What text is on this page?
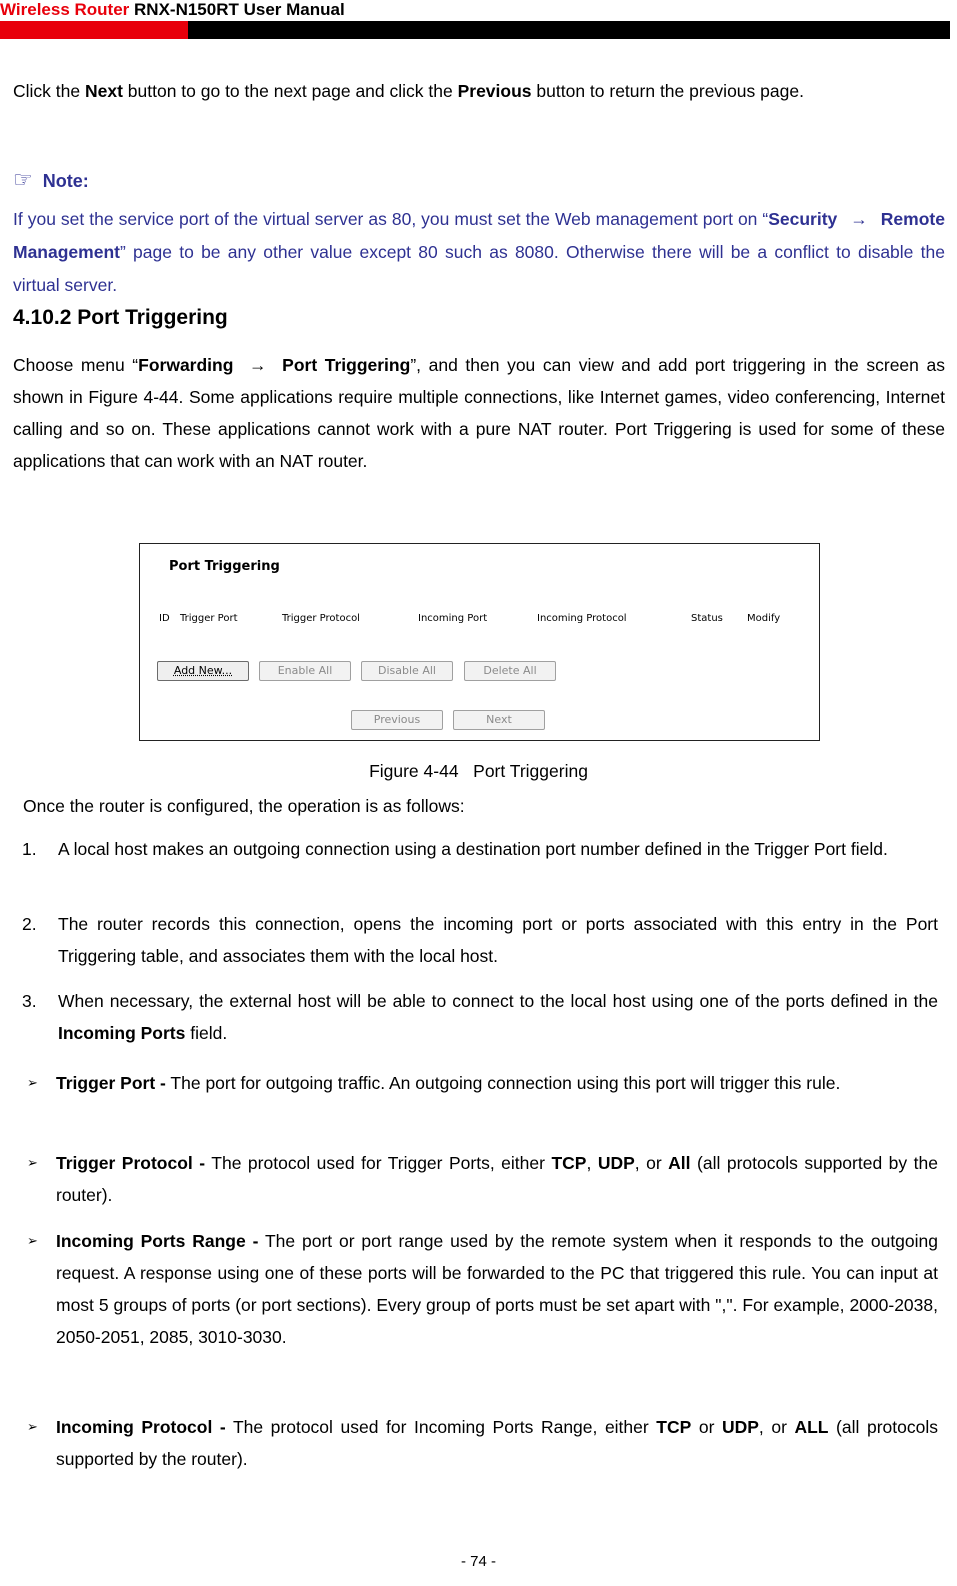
Wireless Router RNX-N150RT User Manual
Click the Next button to go to the next page and click the Previous button to return the previous page.
☞ Note:
If you set the service port of the virtual server as 80, you must set the Web management port on “Security → Remote Management” page to be any other value except 80 such as 8080. Otherwise there will be a conflict to disable the virtual server.
4.10.2 Port Triggering
Choose menu “Forwarding → Port Triggering”, and then you can view and add port triggering in the screen as shown in Figure 4-44. Some applications require multiple connections, like Internet games, video conferencing, Internet calling and so on. These applications cannot work with a pure NAT router. Port Triggering is used for some of these applications that can work with an NAT router.
Port Triggering
ID Trigger Port	Trigger Protocol	Incoming Port	Incoming Protocol	Status Modify
Add New...	Enable All	Disable All	Delete All
Previous	Next
Figure 4-44 Port Triggering
Once the router is configured, the operation is as follows:
1. A local host makes an outgoing connection using a destination port number defined in the Trigger Port field.
2. The router records this connection, opens the incoming port or ports associated with this entry in the Port Triggering table, and associates them with the local host.
3. When necessary, the external host will be able to connect to the local host using one of the ports defined in the Incoming Ports field.
➢ Trigger Port - The port for outgoing traffic. An outgoing connection using this port will trigger this rule.
➢ Trigger Protocol - The protocol used for Trigger Ports, either TCP, UDP, or All (all protocols supported by the router).
➢ Incoming Ports Range - The port or port range used by the remote system when it responds to the outgoing request. A response using one of these ports will be forwarded to the PC that triggered this rule. You can input at most 5 groups of ports (or port sections). Every group of ports must be set apart with ",". For example, 2000-2038, 2050-2051, 2085, 3010-3030.
➢ Incoming Protocol - The protocol used for Incoming Ports Range, either TCP or UDP, or ALL (all protocols supported by the router).
- 74 -
